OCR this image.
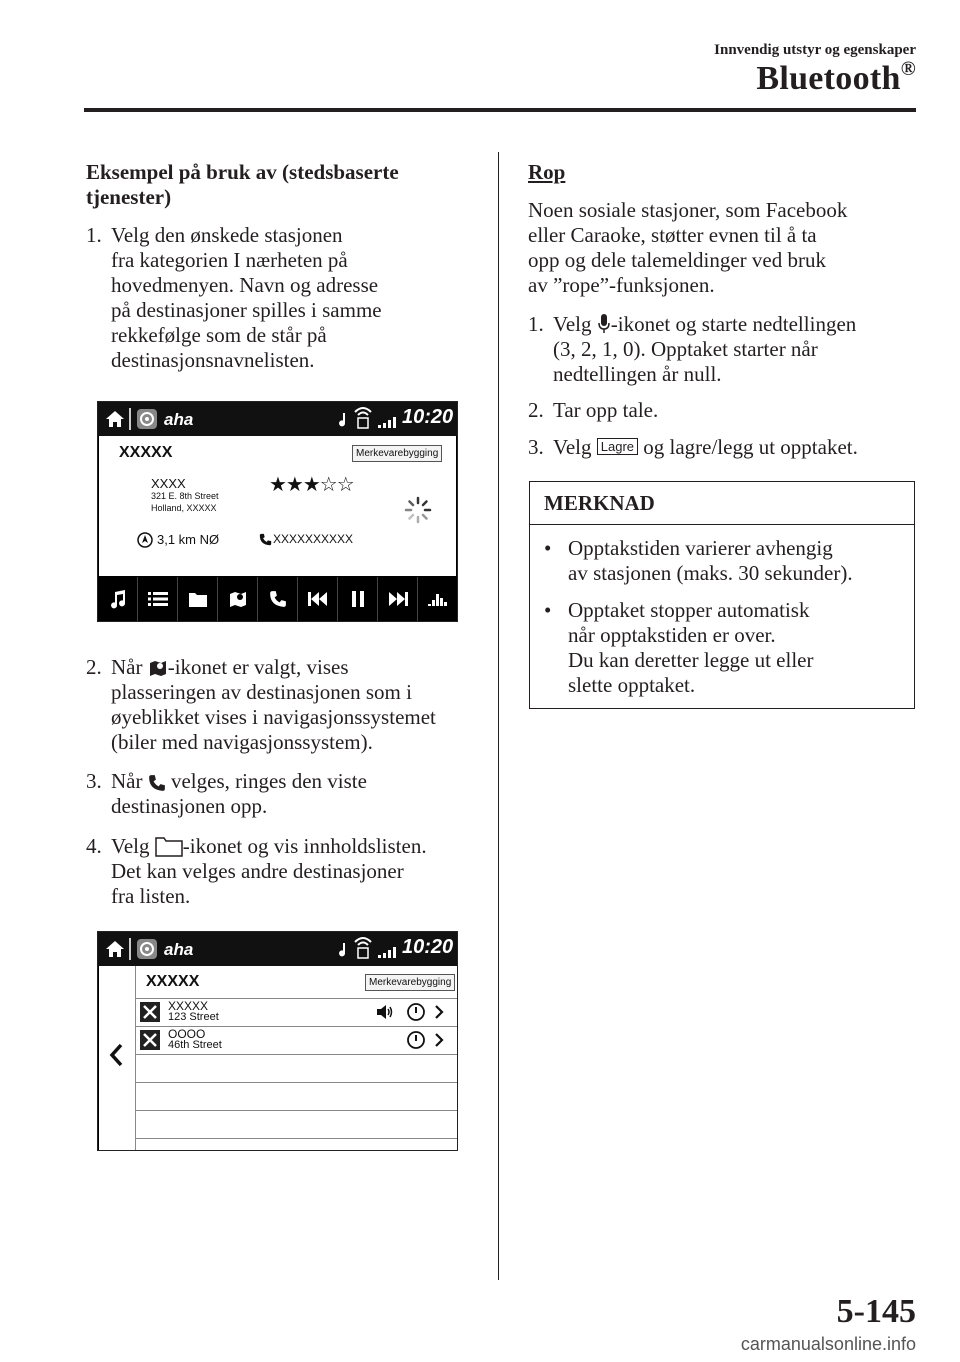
Innvendig utstyr og egenskaper
Bluetooth®
Eksempel på bruk av (stedsbaserte
tjenester)
1. Velg den ønskede stasjonen
fra kategorien I nærheten på
hovedmenyen. Navn og adresse
på destinasjoner spilles i samme
rekkefølge som de står på
destinasjonsnavnelisten.
aha	10:20
XXXXX	Merkevarebygging
XXXX
321 E. 8th Street
Holland, XXXXX
★★★☆☆
3,1 km NØ	XXXXXXXXXX
2. Når -ikonet er valgt, vises
plasseringen av destinasjonen som i
øyeblikket vises i navigasjonssystemet
(biler med navigasjonssystem).
3. Når  velges, ringes den viste
destinasjonen opp.
4. Velg -ikonet og vis innholdslisten.
Det kan velges andre destinasjoner
fra listen.
aha	10:20
XXXXX	Merkevarebygging
XXXXX
123 Street
OOOO
46th Street
Rop
Noen sosiale stasjoner, som Facebook
eller Caraoke, støtter evnen til å ta
opp og dele talemeldinger ved bruk
av ”rope”-funksjonen.
1. Velg -ikonet og starte nedtellingen
(3, 2, 1, 0). Opptaket starter når
nedtellingen år null.
2. Tar opp tale.
3. Velg Lagre og lagre/legg ut opptaket.
MERKNAD
• Opptakstiden varierer avhengig
av stasjonen (maks. 30 sekunder).
• Opptaket stopper automatisk
når opptakstiden er over.
Du kan deretter legge ut eller
slette opptaket.
5-145
carmanualsonline.info
